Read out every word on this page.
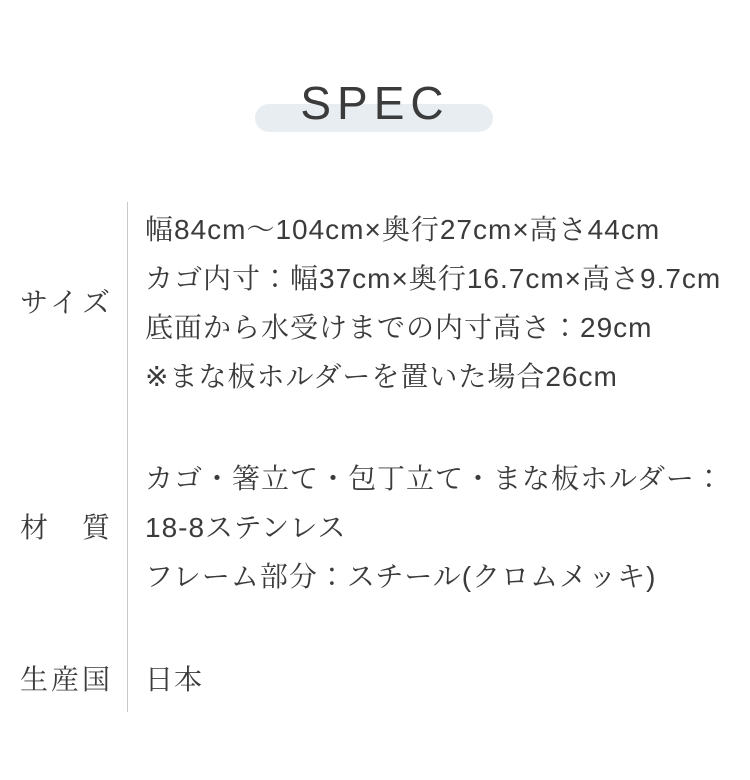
SPEC
サイズ
幅84cm〜104cm×奥行27cm×高さ44cm
カゴ内寸：幅37cm×奥行16.7cm×高さ9.7cm
底面から水受けまでの内寸高さ：29cm
※まな板ホルダーを置いた場合26cm
材　質
カゴ・箸立て・包丁立て・まな板ホルダー：
18-8ステンレス
フレーム部分：スチール(クロムメッキ)
生産国 日本
